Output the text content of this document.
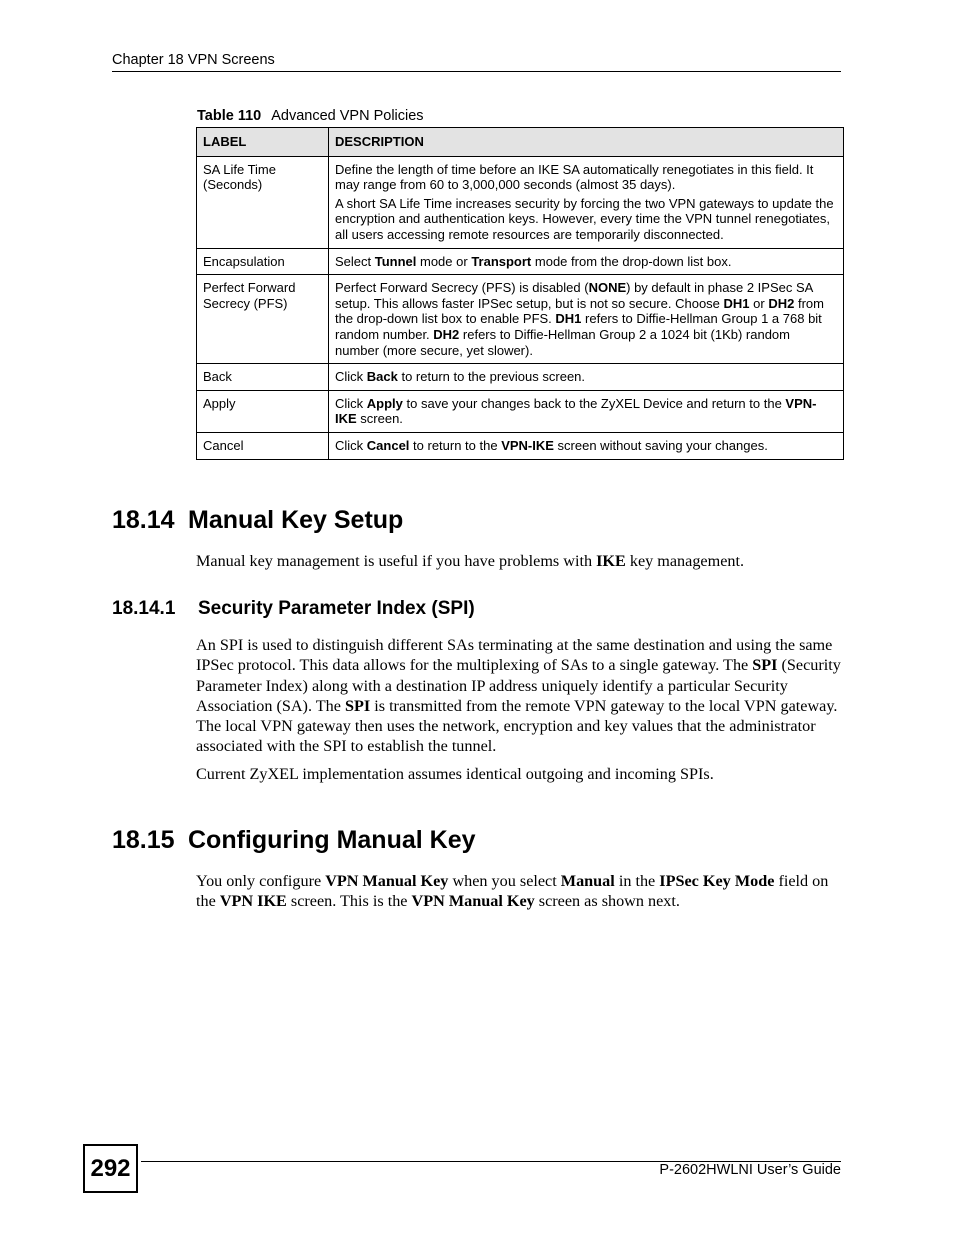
Chapter 18 VPN Screens
Table 110 Advanced VPN Policies
LABEL	DESCRIPTION
SA Life Time (Seconds)	Define the length of time before an IKE SA automatically renegotiates in this field. It may range from 60 to 3,000,000 seconds (almost 35 days).

A short SA Life Time increases security by forcing the two VPN gateways to update the encryption and authentication keys. However, every time the VPN tunnel renegotiates, all users accessing remote resources are temporarily disconnected.

Encapsulation	Select Tunnel mode or Transport mode from the drop-down list box.
Perfect Forward Secrecy (PFS)	Perfect Forward Secrecy (PFS) is disabled (NONE) by default in phase 2 IPSec SA setup. This allows faster IPSec setup, but is not so secure. Choose DH1 or DH2 from the drop-down list box to enable PFS. DH1 refers to Diffie-Hellman Group 1 a 768 bit random number. DH2 refers to Diffie-Hellman Group 2 a 1024 bit (1Kb) random number (more secure, yet slower).
Back	Click Back to return to the previous screen.
Apply	Click Apply to save your changes back to the ZyXEL Device and return to the VPN-IKE screen.
Cancel	Click Cancel to return to the VPN-IKE screen without saving your changes.
18.14 Manual Key Setup

Manual key management is useful if you have problems with IKE key management.

18.14.1 Security Parameter Index (SPI)

An SPI is used to distinguish different SAs terminating at the same destination and using the same IPSec protocol. This data allows for the multiplexing of SAs to a single gateway. The SPI (Security Parameter Index) along with a destination IP address uniquely identify a particular Security Association (SA). The SPI is transmitted from the remote VPN gateway to the local VPN gateway. The local VPN gateway then uses the network, encryption and key values that the administrator associated with the SPI to establish the tunnel.

Current ZyXEL implementation assumes identical outgoing and incoming SPIs.

18.15 Configuring Manual Key

You only configure VPN Manual Key when you select Manual in the IPSec Key Mode field on the VPN IKE screen. This is the VPN Manual Key screen as shown next.

292	P-2602HWLNI User’s Guide
